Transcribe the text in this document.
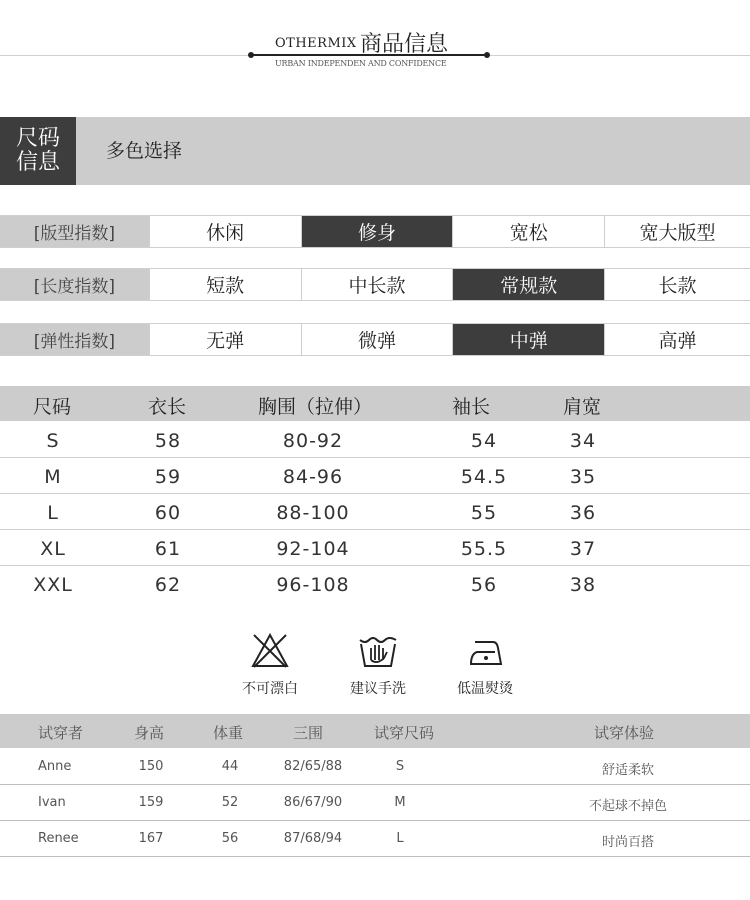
OTHERMIX 商品信息
URBAN INDEPENDEN AND CONFIDENCE
尺码
信息 多色选择
[版型指数]	休闲	修身	宽松	宽大版型
[长度指数]	短款	中长款	常规款	长款
[弹性指数]	无弹	微弹	中弹	高弹
尺码	衣长	胸围（拉伸）	袖长	肩宽
S	58	80-92	54	34
M	59	84-96	54.5	35
L	60	88-100	55	36
XL	61	92-104	55.5	37
XXL	62	96-108	56	38
不可漂白	建议手洗	低温熨烫
试穿者	身高	体重	三围	试穿尺码	试穿体验
Anne	150	44	82/65/88	S	舒适柔软
Ivan	159	52	86/67/90	M	不起球不掉色
Renee	167	56	87/68/94	L	时尚百搭
